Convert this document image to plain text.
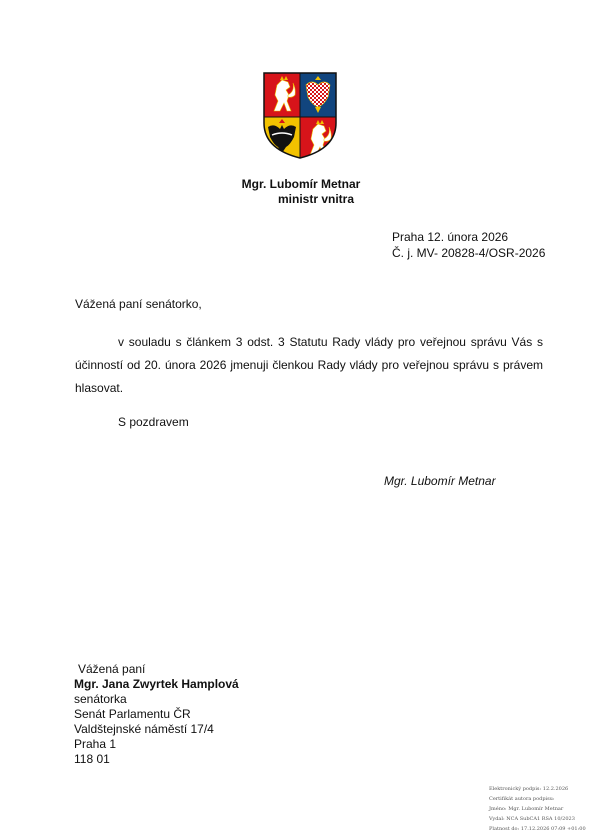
Mgr. Lubomír Metnar
ministr vnitra
Praha 12. února 2026
Č. j. MV- 20828-4/OSR-2026
Vážená paní senátorko,

v souladu s článkem 3 odst. 3 Statutu Rady vlády pro veřejnou správu Vás s účinností od 20. února 2026 jmenuji členkou Rady vlády pro veřejnou správu s právem hlasovat.

S pozdravem
Mgr. Lubomír Metnar
Vážená paní
Mgr. Jana Zwyrtek Hamplová
senátorka
Senát Parlamentu ČR
Valdštejnské náměstí 17/4
Praha 1
118 01
Elektronický podpis: 12.2.2026
Certifikát autora podpisu:
Jméno: Mgr. Lubomír Metnar
Vydal: NCA SubCA1 RSA 10/2023
Platnost do: 17.12.2026 07:09 +01:00
